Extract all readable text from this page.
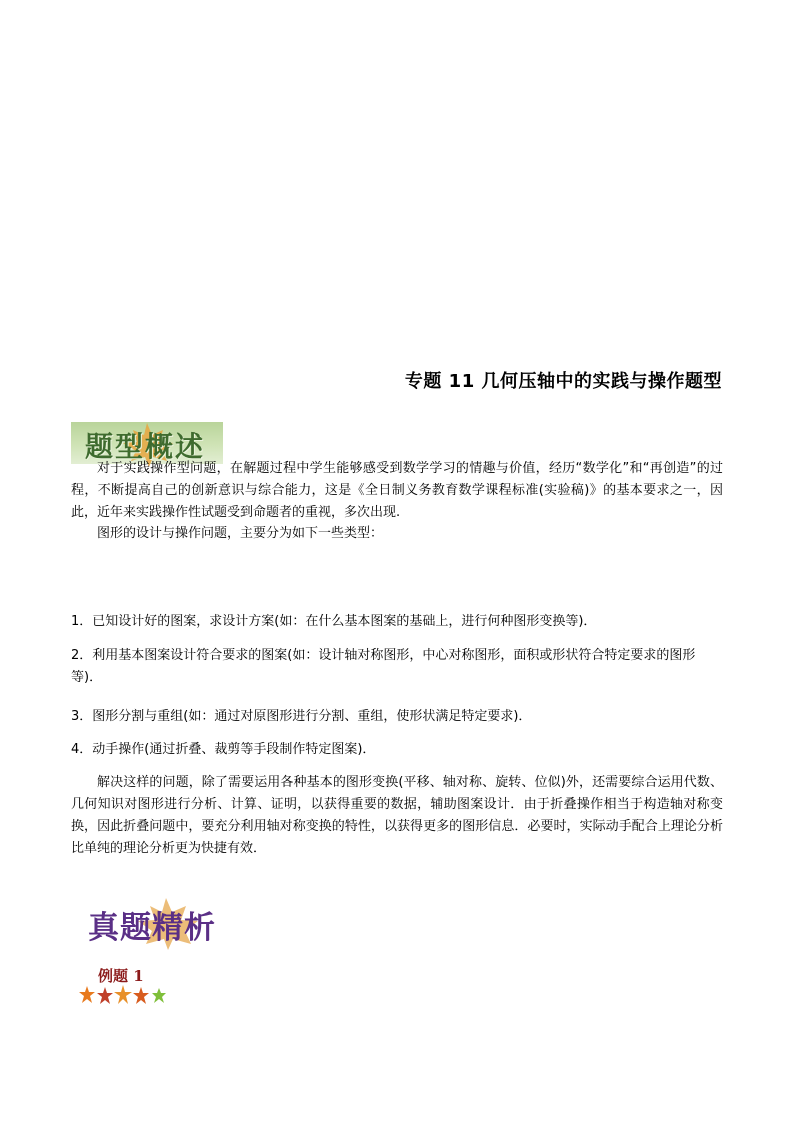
专题 11 几何压轴中的实践与操作题型
题型概述

对于实践操作型问题，在解题过程中学生能够感受到数学学习的情趣与价值，经历“数学化”和“再创造”的过程，不断提高自己的创新意识与综合能力，这是《全日制义务教育数学课程标准(实验稿)》的基本要求之一，因此，近年来实践操作性试题受到命题者的重视，多次出现.

图形的设计与操作问题，主要分为如下一些类型：

1．已知设计好的图案，求设计方案(如：在什么基本图案的基础上，进行何种图形变换等)．

2．利用基本图案设计符合要求的图案(如：设计轴对称图形，中心对称图形，面积或形状符合特定要求的图形等)．

3．图形分割与重组(如：通过对原图形进行分割、重组，使形状满足特定要求)．

4．动手操作(通过折叠、裁剪等手段制作特定图案)．

解决这样的问题，除了需要运用各种基本的图形变换(平移、轴对称、旋转、位似)外，还需要综合运用代数、几何知识对图形进行分析、计算、证明，以获得重要的数据，辅助图案设计．由于折叠操作相当于构造轴对称变换，因此折叠问题中，要充分利用轴对称变换的特性，以获得更多的图形信息．必要时，实际动手配合上理论分析比单纯的理论分析更为快捷有效．

真题精析
例题 1
